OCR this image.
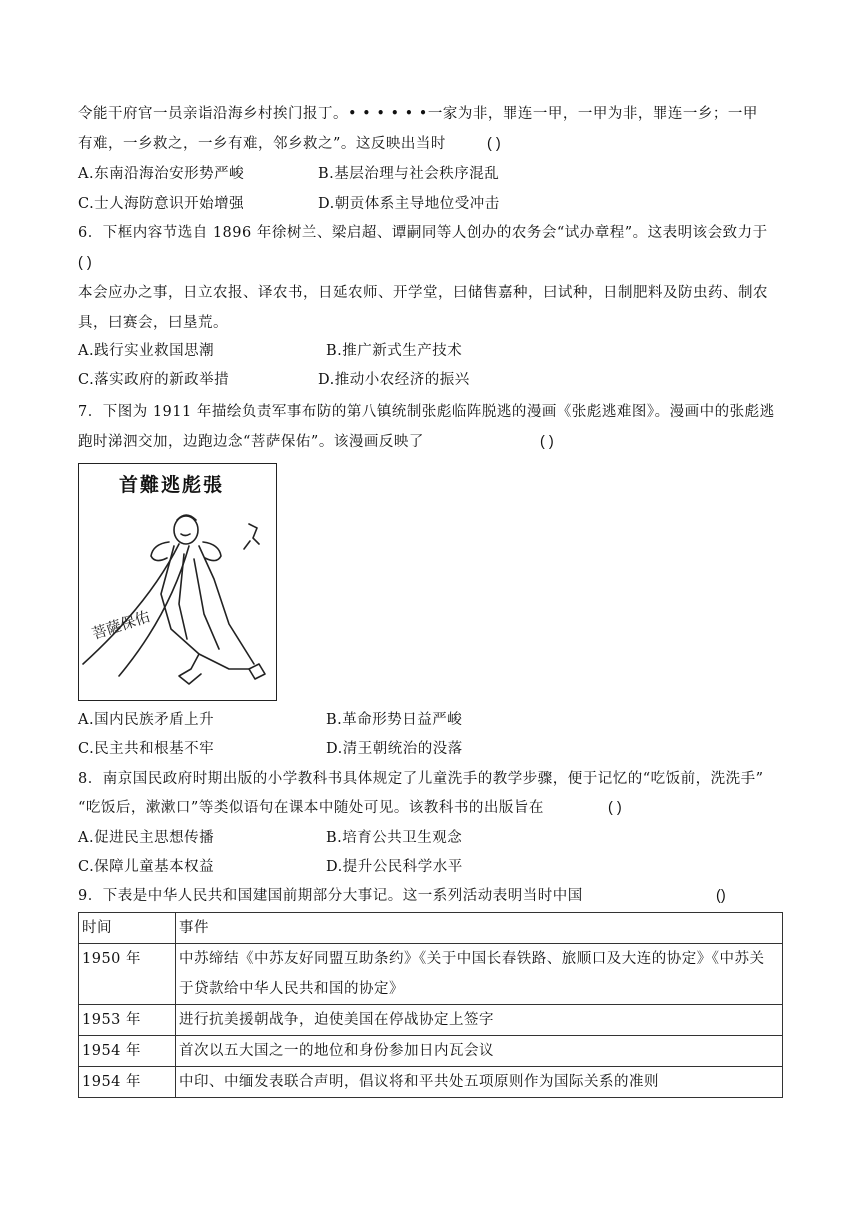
令能干府官一员亲诣沿海乡村挨门报丁。• • • • • •一家为非，罪连一甲，一甲为非，罪连一乡；一甲
有难，一乡救之，一乡有难，邻乡救之”。这反映出当时	( )
A.东南沿海治安形势严峻	B.基层治理与社会秩序混乱
C.士人海防意识开始增强	D.朝贡体系主导地位受冲击
6．下框内容节选自 1896 年徐树兰、梁启超、谭嗣同等人创办的农务会“试办章程”。这表明该会致力于
( )
本会应办之事，日立农报、译农书，日延农师、开学堂，曰储售嘉种，曰试种，日制肥料及防虫药、制农
具，曰赛会，曰垦荒。
A.践行实业救国思潮	B.推广新式生产技术
C.落实政府的新政举措	D.推动小农经济的振兴
7．下图为 1911 年描绘负责军事布防的第八镇统制张彪临阵脱逃的漫画《张彪逃难图》。漫画中的张彪逃
跑时涕泗交加，边跑边念“菩萨保佑”。该漫画反映了	( )
首難逃彪張
菩薩保佑
A.国内民族矛盾上升	B.革命形势日益严峻
C.民主共和根基不牢	D.清王朝统治的没落
8．南京国民政府时期出版的小学教科书具体规定了儿童洗手的教学步骤，便于记忆的“吃饭前，洗洗手”
“吃饭后，漱漱口”等类似语句在课本中随处可见。该教科书的出版旨在	( )
A.促进民主思想传播	B.培育公共卫生观念
C.保障儿童基本权益	D.提升公民科学水平
9．下表是中华人民共和国建国前期部分大事记。这一系列活动表明当时中国	()
时间	事件
1950 年	中苏缔结《中苏友好同盟互助条约》《关于中国长春铁路、旅顺口及大连的协定》《中苏关
于贷款给中华人民共和国的协定》

1953 年	进行抗美援朝战争，迫使美国在停战协定上签字
1954 年	首次以五大国之一的地位和身份参加日内瓦会议
1954 年	中印、中缅发表联合声明，倡议将和平共处五项原则作为国际关系的准则
